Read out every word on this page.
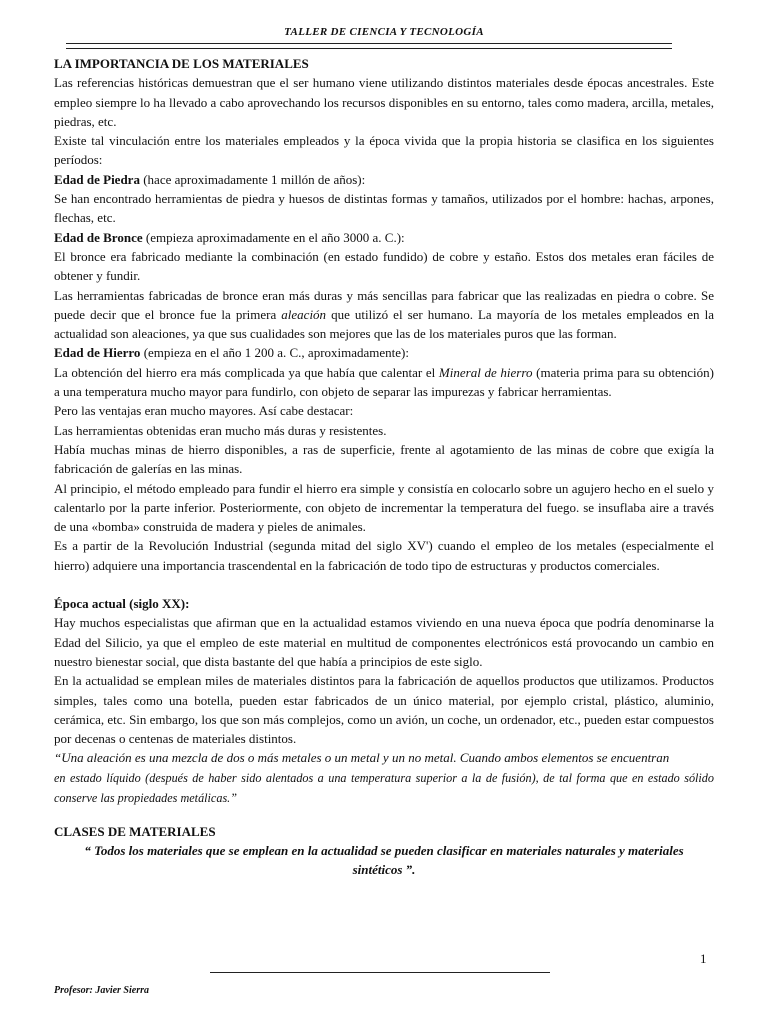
TALLER DE CIENCIA Y TECNOLOGÍA

LA IMPORTANCIA DE LOS MATERIALES

Las referencias históricas demuestran que el ser humano viene utilizando distintos materiales desde épocas ancestrales. Este empleo siempre lo ha llevado a cabo aprovechando los recursos disponibles en su entorno, tales como madera, arcilla, metales, piedras, etc.

Existe tal vinculación entre los materiales empleados y la época vivida que la propia historia se clasifica en los siguientes períodos:

Edad de Piedra (hace aproximadamente 1 millón de años):

Se han encontrado herramientas de piedra y huesos de distintas formas y tamaños, utilizados por el hombre: hachas, arpones, flechas, etc.

Edad de Bronce (empieza aproximadamente en el año 3000 a. C.):

El bronce era fabricado mediante la combinación (en estado fundido) de cobre y estaño. Estos dos metales eran fáciles de obtener y fundir.

Las herramientas fabricadas de bronce eran más duras y más sencillas para fabricar que las realizadas en piedra o cobre. Se puede decir que el bronce fue la primera aleación que utilizó el ser humano. La mayoría de los metales empleados en la actualidad son aleaciones, ya que sus cualidades son mejores que las de los materiales puros que las forman.

Edad de Hierro (empieza en el año 1 200 a. C., aproximadamente):

La obtención del hierro era más complicada ya que había que calentar el Mineral de hierro (materia prima para su obtención) a una temperatura mucho mayor para fundirlo, con objeto de separar las impurezas y fabricar herramientas.

Pero las ventajas eran mucho mayores. Así cabe destacar:

Las herramientas obtenidas eran mucho más duras y resistentes.

Había muchas minas de hierro disponibles, a ras de superficie, frente al agotamiento de las minas de cobre que exigía la fabricación de galerías en las minas.

Al principio, el método empleado para fundir el hierro era simple y consistía en colocarlo sobre un agujero hecho en el suelo y calentarlo por la parte inferior. Posteriormente, con objeto de incrementar la temperatura del fuego. se insuflaba aire a través de una «bomba» construida de madera y pieles de animales.

Es a partir de la Revolución Industrial (segunda mitad del siglo XV') cuando el empleo de los metales (especialmente el hierro) adquiere una importancia trascendental en la fabricación de todo tipo de estructuras y productos comerciales.

Época actual (siglo XX):

Hay muchos especialistas que afirman que en la actualidad estamos viviendo en una nueva época que podría denominarse la Edad del Silicio, ya que el empleo de este material en multitud de componentes electrónicos está provocando un cambio en nuestro bienestar social, que dista bastante del que había a principios de este siglo.

En la actualidad se emplean miles de materiales distintos para la fabricación de aquellos productos que utilizamos. Productos simples, tales como una botella, pueden estar fabricados de un único material, por ejemplo cristal, plástico, aluminio, cerámica, etc. Sin embargo, los que son más complejos, como un avión, un coche, un ordenador, etc., pueden estar compuestos por decenas o centenas de materiales distintos.

“Una aleación es una mezcla de dos o más metales o un metal y un no metal. Cuando ambos elementos se encuentran

en estado líquido (después de haber sido alentados a una temperatura superior a la de fusión), de tal forma que en estado sólido conserve las propiedades metálicas.”

CLASES DE MATERIALES

“ Todos los materiales que se emplean en la actualidad se pueden clasificar en materiales naturales y materiales sintéticos ”.

1
Profesor: Javier Sierra
